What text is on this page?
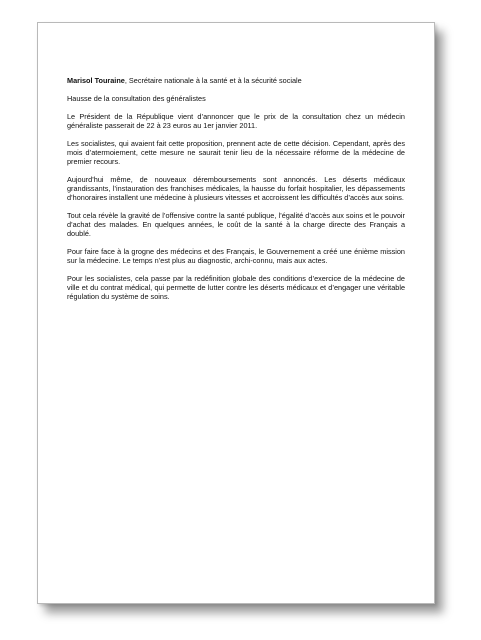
Marisol Touraine, Secrétaire nationale à la santé et à la sécurité sociale

Hausse de la consultation des généralistes

Le Président de la République vient d’annoncer que le prix de la consultation chez un médecin généraliste passerait de 22 à 23 euros au 1er janvier 2011.

Les socialistes, qui avaient fait cette proposition, prennent acte de cette décision. Cependant, après des mois d’atermoiement, cette mesure ne saurait tenir lieu de la nécessaire réforme de la médecine de premier recours.

Aujourd’hui même, de nouveaux déremboursements sont annoncés. Les déserts médicaux grandissants, l’instauration des franchises médicales, la hausse du forfait hospitalier, les dépassements d’honoraires installent une médecine à plusieurs vitesses et accroissent les difficultés d’accès aux soins.

Tout cela révèle la gravité de l’offensive contre la santé publique, l’égalité d’accès aux soins et le pouvoir d’achat des malades. En quelques années, le coût de la santé à la charge directe des Français a doublé.

Pour faire face à la grogne des médecins et des Français, le Gouvernement a créé une énième mission sur la médecine. Le temps n’est plus au diagnostic, archi-connu, mais aux actes.

Pour les socialistes, cela passe par la redéfinition globale des conditions d’exercice de la médecine de ville et du contrat médical, qui permette de lutter contre les déserts médicaux et d’engager une véritable régulation du système de soins.
